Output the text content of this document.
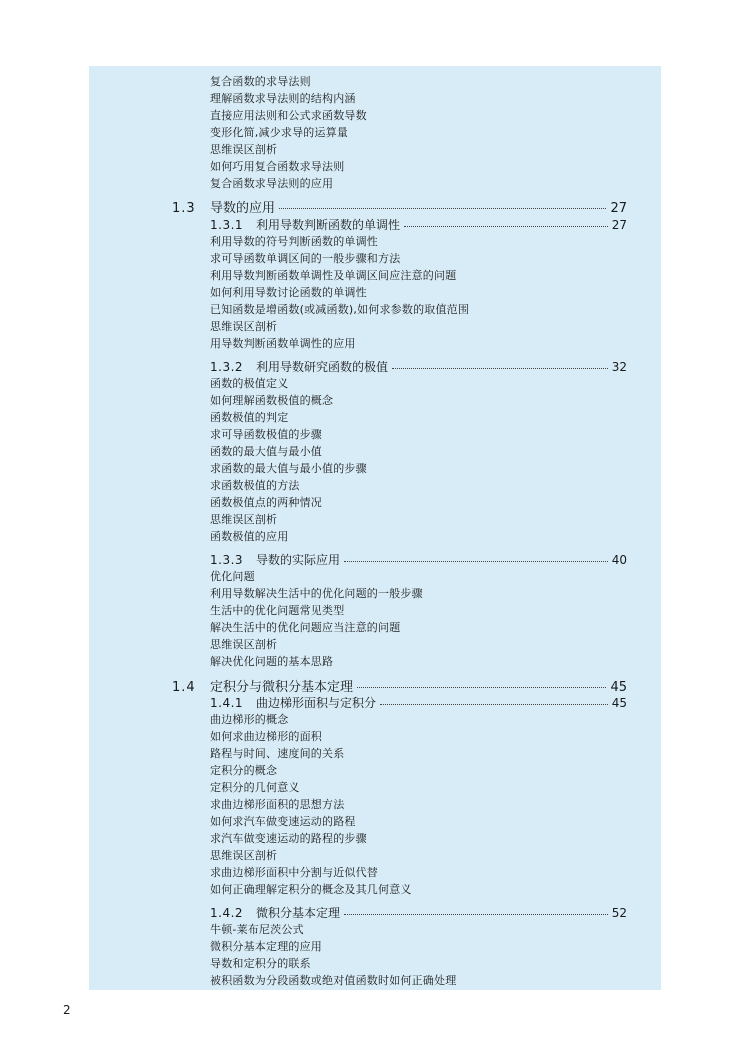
复合函数的求导法则
理解函数求导法则的结构内涵
直接应用法则和公式求函数导数
变形化简,减少求导的运算量
思维误区剖析
如何巧用复合函数求导法则
复合函数求导法则的应用
1.3	导数的应用	27
1.3.1	利用导数判断函数的单调性	27
利用导数的符号判断函数的单调性
求可导函数单调区间的一般步骤和方法
利用导数判断函数单调性及单调区间应注意的问题
如何利用导数讨论函数的单调性
已知函数是增函数(或减函数),如何求参数的取值范围
思维误区剖析
用导数判断函数单调性的应用
1.3.2	利用导数研究函数的极值	32
函数的极值定义
如何理解函数极值的概念
函数极值的判定
求可导函数极值的步骤
函数的最大值与最小值
求函数的最大值与最小值的步骤
求函数极值的方法
函数极值点的两种情况
思维误区剖析
函数极值的应用
1.3.3	导数的实际应用	40
优化问题
利用导数解决生活中的优化问题的一般步骤
生活中的优化问题常见类型
解决生活中的优化问题应当注意的问题
思维误区剖析
解决优化问题的基本思路
1.4	定积分与微积分基本定理	45
1.4.1	曲边梯形面积与定积分	45
曲边梯形的概念
如何求曲边梯形的面积
路程与时间、速度间的关系
定积分的概念
定积分的几何意义
求曲边梯形面积的思想方法
如何求汽车做变速运动的路程
求汽车做变速运动的路程的步骤
思维误区剖析
求曲边梯形面积中分割与近似代替
如何正确理解定积分的概念及其几何意义
1.4.2	微积分基本定理	52
牛顿-莱布尼茨公式
微积分基本定理的应用
导数和定积分的联系
被积函数为分段函数或绝对值函数时如何正确处理
2
